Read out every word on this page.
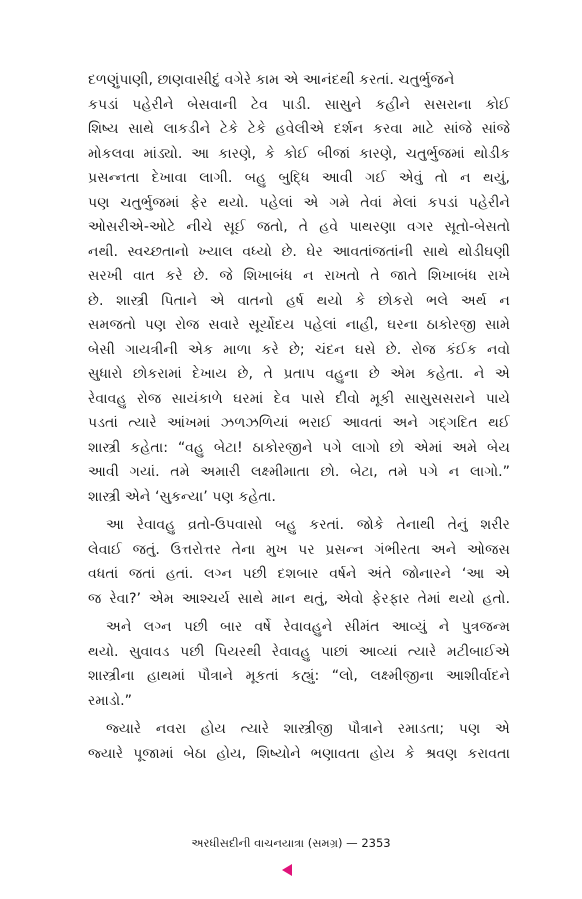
દળણુંપાણી, છાણવાસીદું વગેરે કામ એ આનંદથી કરતાં. ચતુર્ભુજને
કપડાં પહેરીને બેસવાની ટેવ પાડી. સાસુને કહીને સસરાના કોઈ
શિષ્ય સાથે લાકડીને ટેકે ટેકે હવેલીએ દર્શન કરવા માટે સાંજે સાંજે
મોકલવા માંડ્યો. આ કારણે, કે કોઈ બીજાં કારણે, ચતુર્ભુજમાં થોડીક
પ્રસન્નતા દેખાવા લાગી. બહુ બુદ્ધિ આવી ગઈ એવું તો ન થયું,
પણ ચતુર્ભુજમાં ફેર થયો. પહેલાં એ ગમે તેવાં મેલાં કપડાં પહેરીને
ઓસરીએ-ઓટે નીચે સૂઈ જતો, તે હવે પાથરણા વગર સૂતો-બેસતો
નથી. સ્વચ્છતાનો ખ્યાલ વધ્યો છે. ઘેર આવતાંજતાંની સાથે થોડીઘણી
સરખી વાત કરે છે. જે શિખાબંધ ન રાખતો તે જાતે શિખાબંધ રાખે
છે. શાસ્ત્રી પિતાને એ વાતનો હર્ષ થયો કે છોકરો ભલે અર્થ ન
સમજતો પણ રોજ સવારે સૂર્યોદય પહેલાં નાહી, ઘરના ઠાકોરજી સામે
બેસી ગાયત્રીની એક માળા કરે છે; ચંદન ઘસે છે. રોજ કંઈક નવો
સુધારો છોકરામાં દેખાય છે, તે પ્રતાપ વહુના છે એમ કહેતા. ને એ
રેવાવહુ રોજ સાયંકાળે ઘરમાં દેવ પાસે દીવો મૂકી સાસુસસરાને પાયે
પડતાં ત્યારે આંખમાં ઝળઝળિયાં ભરાઈ આવતાં અને ગદ્ગદિત થઈ
શાસ્ત્રી કહેતા: “વહુ બેટા! ઠાકોરજીને પગે લાગો છો એમાં અમે બેય
આવી ગયાં. તમે અમારી લક્ષ્મીમાતા છો. બેટા, તમે પગે ન લાગો.”
શાસ્ત્રી એને ‘સુકન્યા’ પણ કહેતા.
આ રેવાવહુ વ્રતો-ઉપવાસો બહુ કરતાં. જોકે તેનાથી તેનું શરીર
લેવાઈ જતું. ઉત્તરોત્તર તેના મુખ પર પ્રસન્ન ગંભીરતા અને ઓજસ
વધતાં જતાં હતાં. લગ્ન પછી દશબાર વર્ષને અંતે જોનારને ‘આ એ
જ રેવા?’ એમ આશ્ચર્ય સાથે માન થતું, એવો ફેરફાર તેમાં થયો હતો.
અને લગ્ન પછી બાર વર્ષે રેવાવહુને સીમંત આવ્યું ને પુત્રજન્મ
થયો. સુવાવડ પછી પિયરથી રેવાવહુ પાછાં આવ્યાં ત્યારે મટીબાઈએ
શાસ્ત્રીના હાથમાં પૌત્રાને મૂકતાં કહ્યું: “લો, લક્ષ્મીજીના આશીર્વાદને
રમાડો.”
જ્યારે નવરા હોય ત્યારે શાસ્ત્રીજી પૌત્રાને રમાડતા; પણ એ
જ્યારે પૂજામાં બેઠા હોય, શિષ્યોને ભણાવતા હોય કે શ્રવણ કરાવતા
અરધીસદીની વાચનયાત્રા (સમગ્ર) — 2353
